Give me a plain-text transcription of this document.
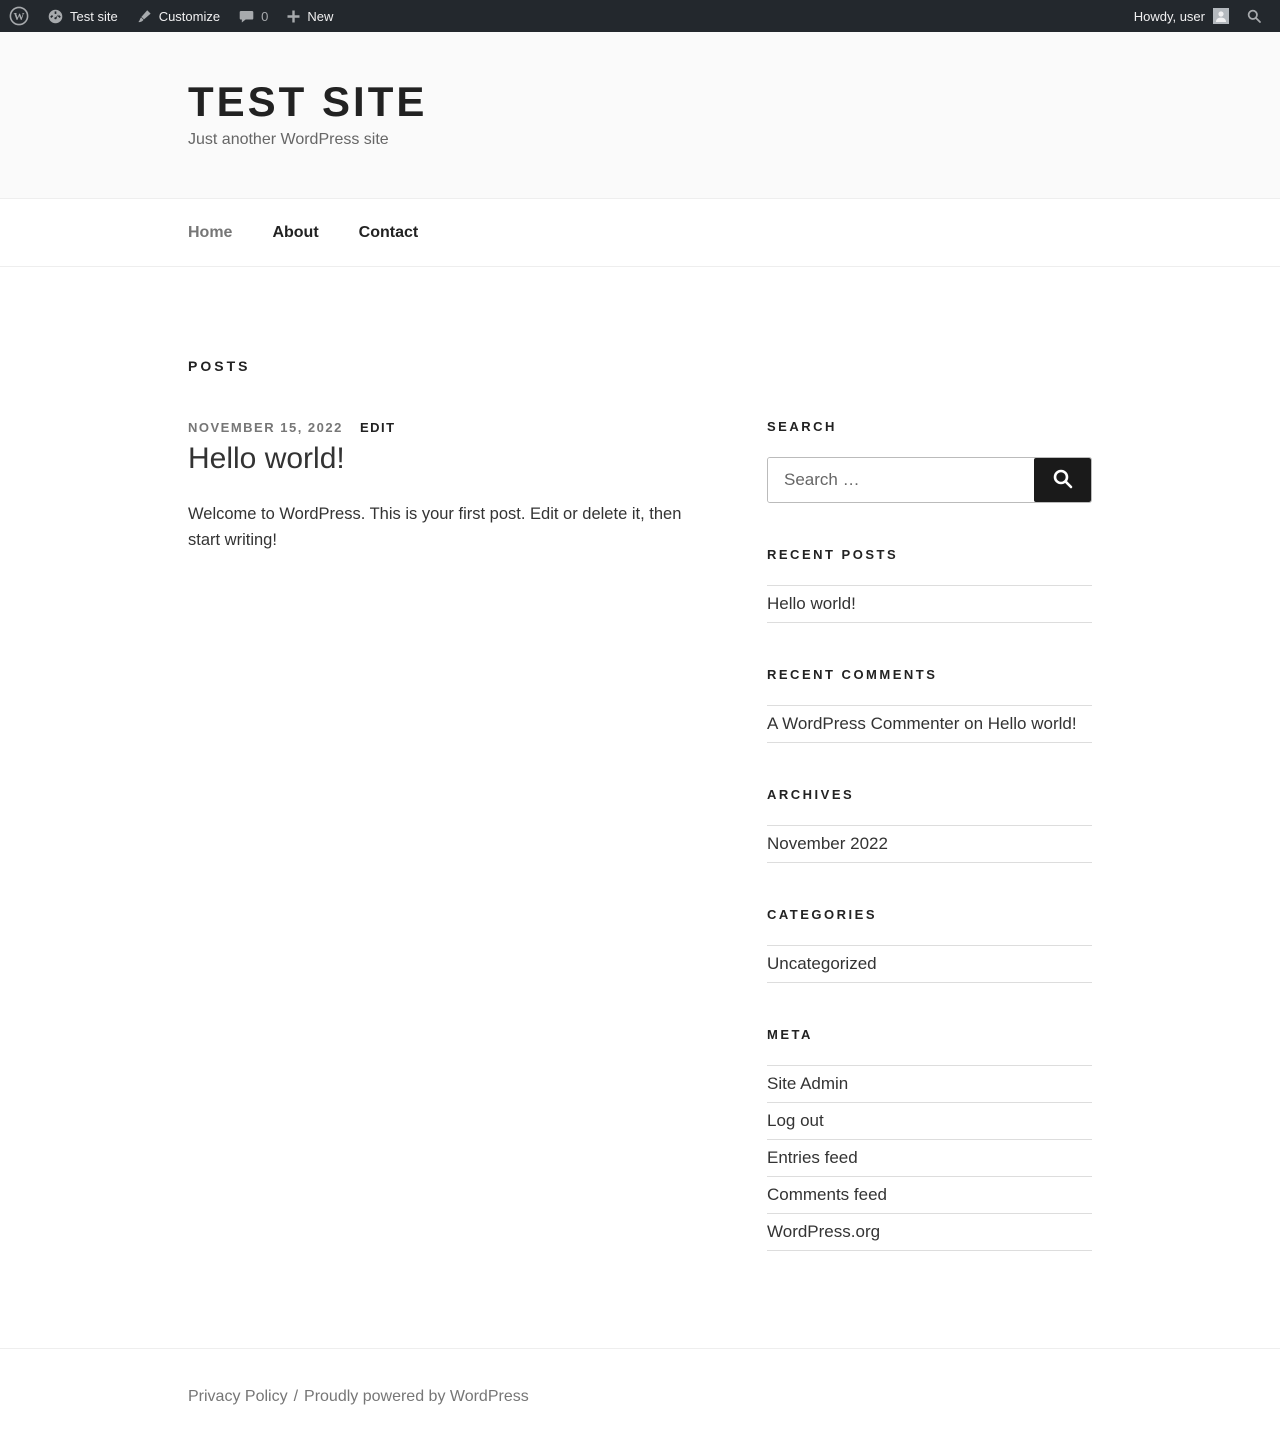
W	Test site	Customize	0	New	Howdy, user
TEST SITE

Just another WordPress site

Home	About	Contact
POSTS
NOVEMBER 15, 2022 EDIT
Hello world!

Welcome to WordPress. This is your first post. Edit or delete it, then start writing!

SEARCH
Search …
RECENT POSTS
Hello world!
RECENT COMMENTS
A WordPress Commenter on Hello world!
ARCHIVES
November 2022
CATEGORIES
Uncategorized
META
Site Admin
Log out
Entries feed
Comments feed
WordPress.org
Privacy Policy / Proudly powered by WordPress
